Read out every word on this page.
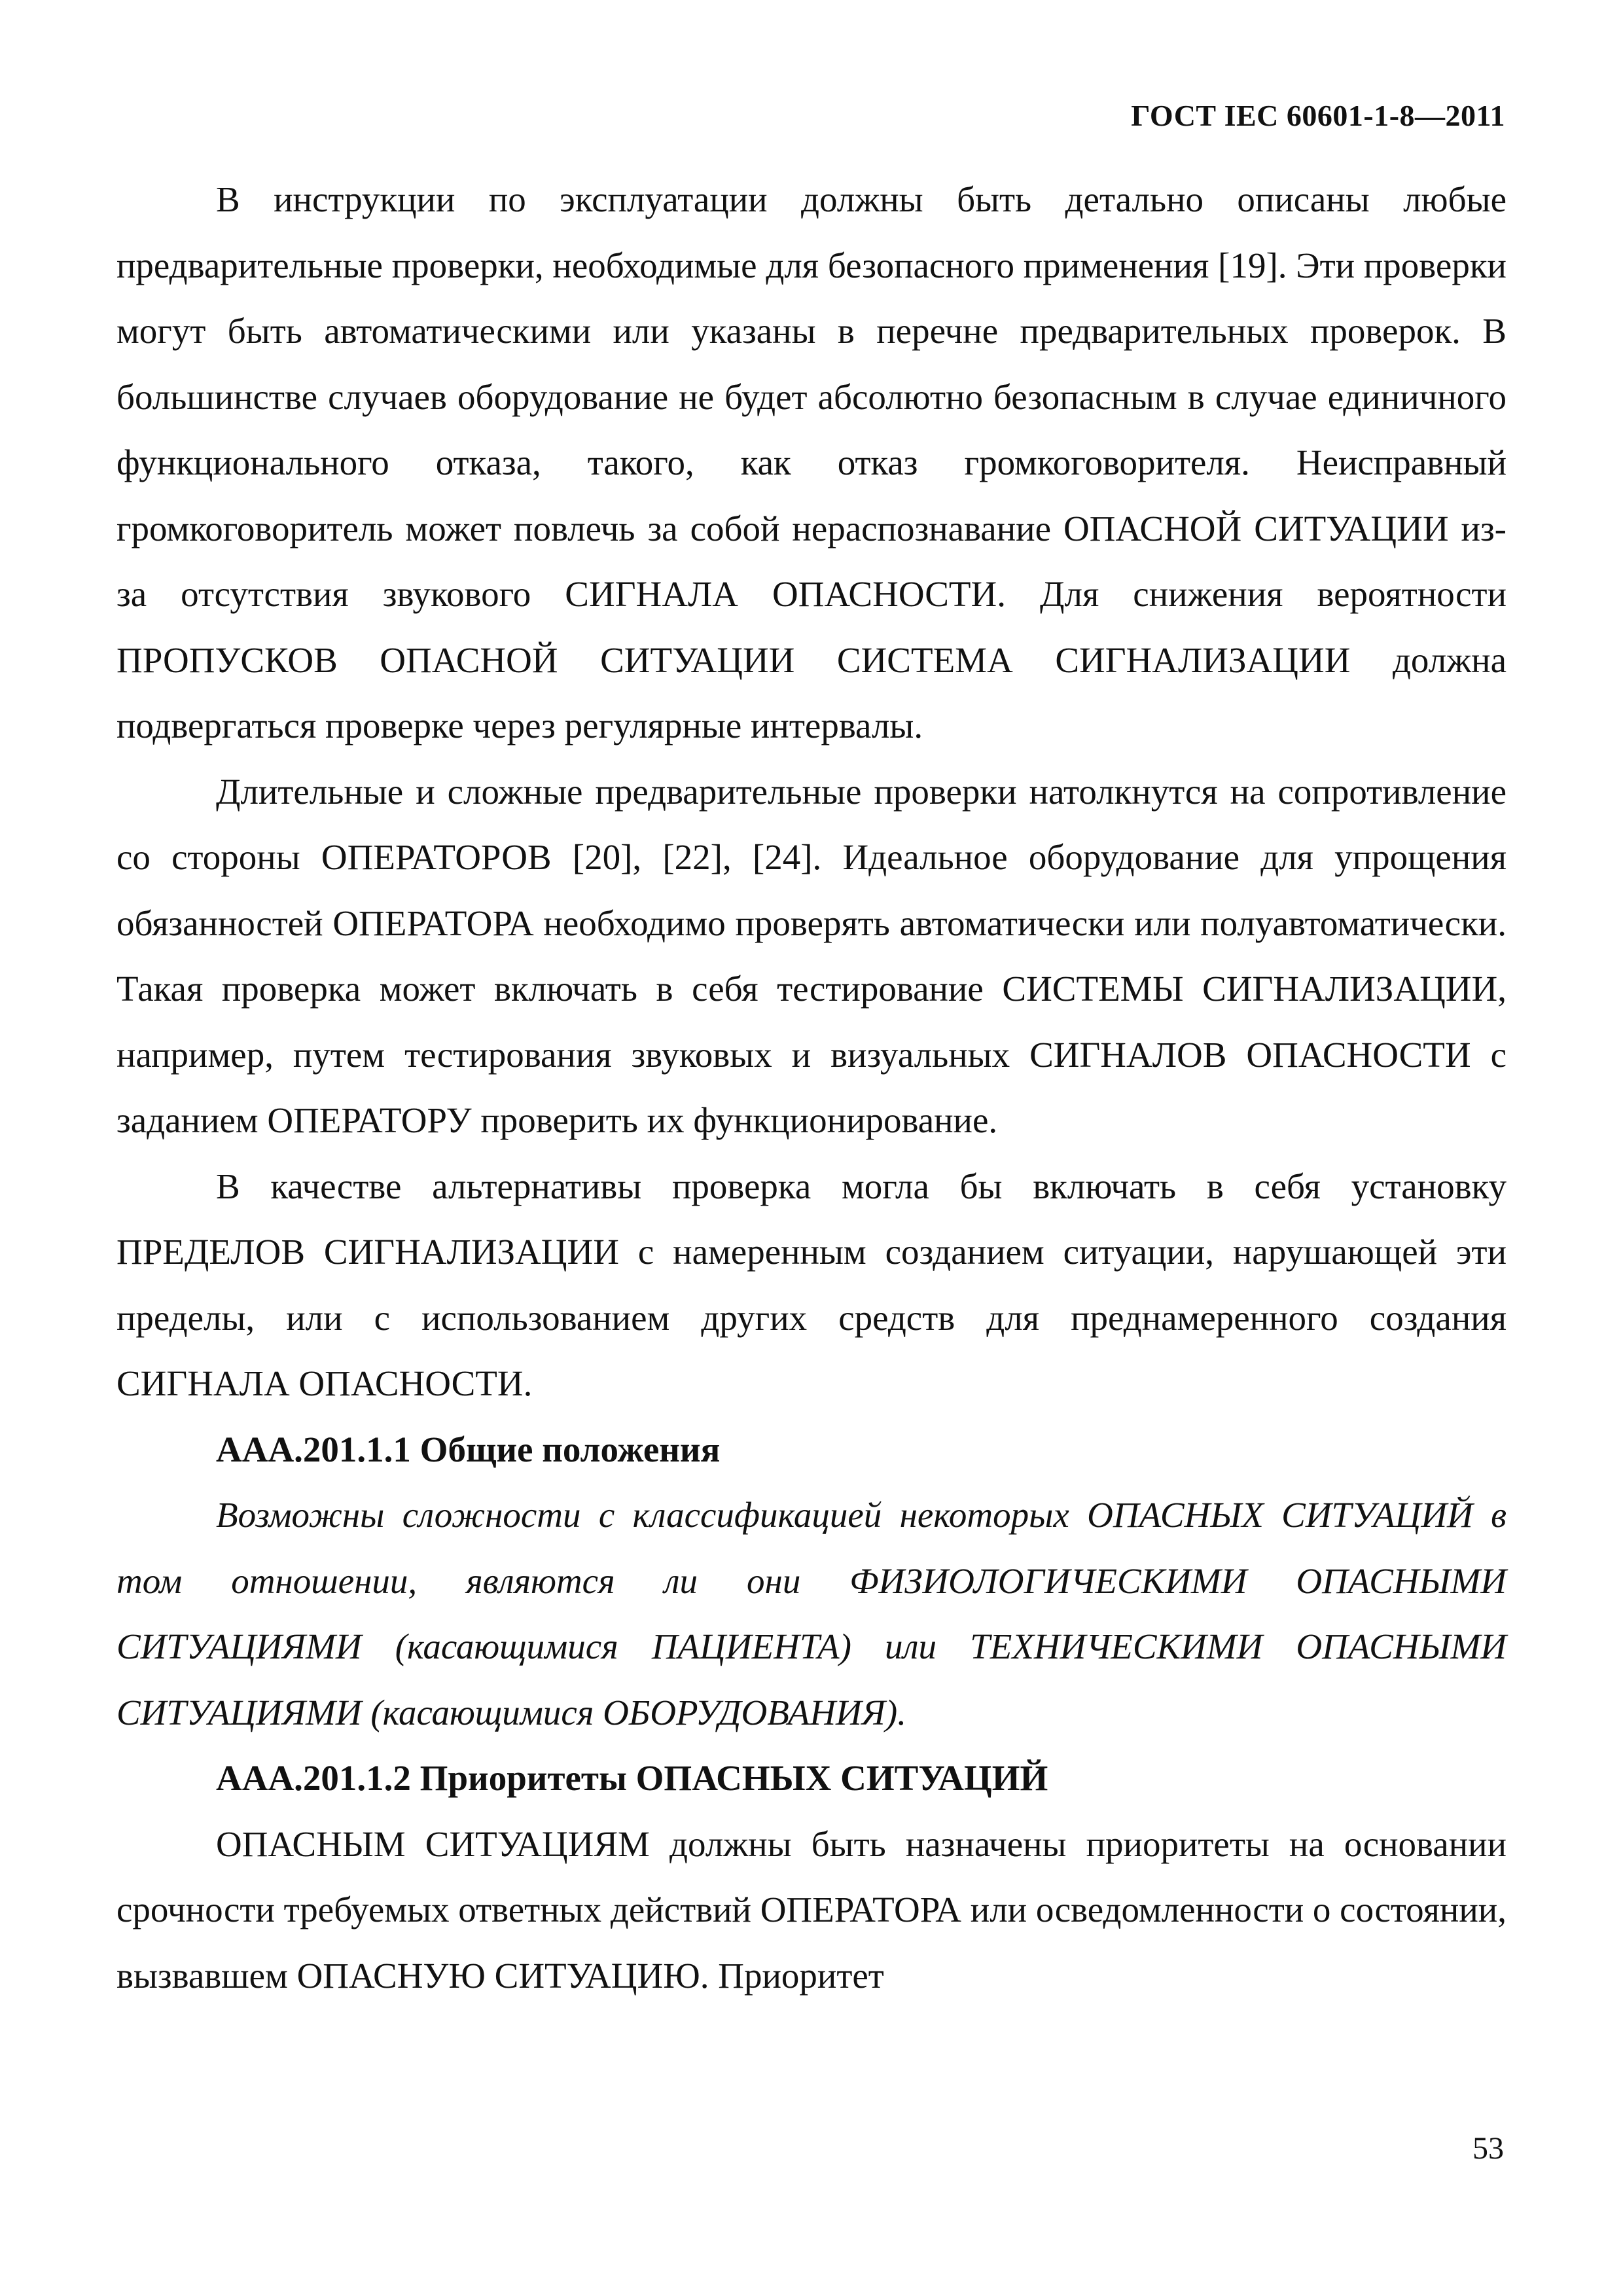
ГОСТ IEC 60601-1-8—2011

В инструкции по эксплуатации должны быть детально описаны любые предварительные проверки, необходимые для безопасного применения [19]. Эти проверки могут быть автоматическими или указаны в перечне предварительных проверок. В большинстве случаев оборудование не будет абсолютно безопасным в случае единичного функционального отказа, такого, как отказ громкоговорителя. Неисправный громкоговоритель может повлечь за собой нераспознавание ОПАСНОЙ СИТУАЦИИ из-за отсутствия звукового СИГНАЛА ОПАСНОСТИ. Для снижения вероятности ПРОПУСКОВ ОПАСНОЙ СИТУАЦИИ СИСТЕМА СИГНАЛИЗАЦИИ должна подвергаться проверке через регулярные интервалы.

Длительные и сложные предварительные проверки натолкнутся на сопротивление со стороны ОПЕРАТОРОВ [20], [22], [24]. Идеальное оборудование для упрощения обязанностей ОПЕРАТОРА необходимо проверять автоматически или полуавтоматически. Такая проверка может включать в себя тестирование СИСТЕМЫ СИГНАЛИЗАЦИИ, например, путем тестирования звуковых и визуальных СИГНАЛОВ ОПАСНОСТИ с заданием ОПЕРАТОРУ проверить их функционирование.

В качестве альтернативы проверка могла бы включать в себя установку ПРЕДЕЛОВ СИГНАЛИЗАЦИИ с намеренным созданием ситуации, нарушающей эти пределы, или с использованием других средств для преднамеренного создания СИГНАЛА ОПАСНОСТИ.

ААА.201.1.1 Общие положения

Возможны сложности с классификацией некоторых ОПАСНЫХ СИТУАЦИЙ в том отношении, являются ли они ФИЗИОЛОГИЧЕСКИМИ ОПАСНЫМИ СИТУАЦИЯМИ (касающимися ПАЦИЕНТА) или ТЕХНИЧЕСКИМИ ОПАСНЫМИ СИТУАЦИЯМИ (касающимися ОБОРУДОВАНИЯ).

ААА.201.1.2 Приоритеты ОПАСНЫХ СИТУАЦИЙ

ОПАСНЫМ СИТУАЦИЯМ должны быть назначены приоритеты на основании срочности требуемых ответных действий ОПЕРАТОРА или осведомленности о состоянии, вызвавшем ОПАСНУЮ СИТУАЦИЮ. Приоритет

53
